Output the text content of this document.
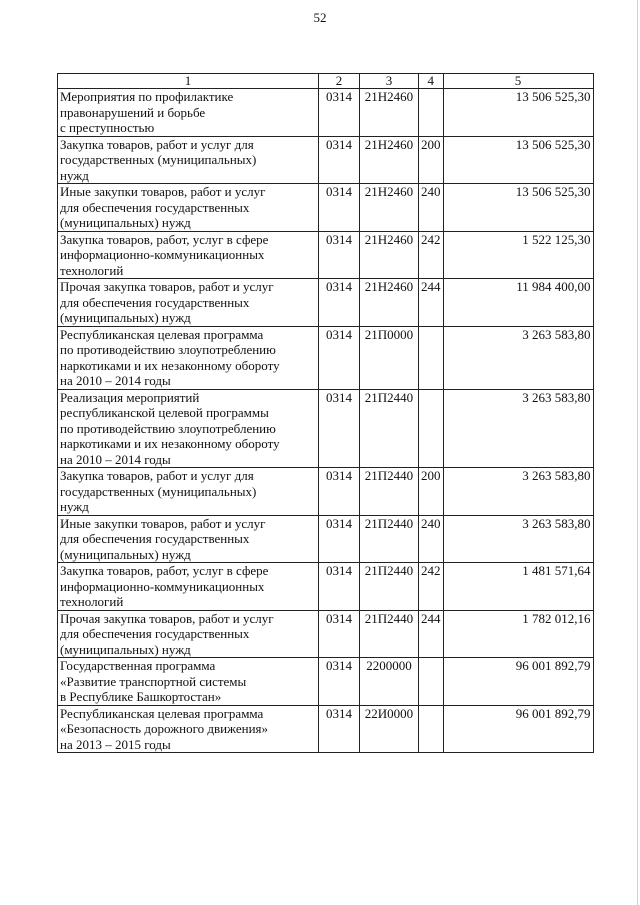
52
1	2	3	4	5

Мероприятия по профилактике
правонарушений и борьбе
с преступностью	0314	21Н2460		13 506 525,30

Закупка товаров, работ и услуг для
государственных (муниципальных)
нужд	0314	21Н2460	200	13 506 525,30

Иные закупки товаров, работ и услуг
для обеспечения государственных
(муниципальных) нужд	0314	21Н2460	240	13 506 525,30

Закупка товаров, работ, услуг в сфере
информационно-коммуникационных
технологий	0314	21Н2460	242	1 522 125,30

Прочая закупка товаров, работ и услуг
для обеспечения государственных
(муниципальных) нужд	0314	21Н2460	244	11 984 400,00

Республиканская целевая программа
по противодействию злоупотреблению
наркотиками и их незаконному обороту
на 2010 – 2014 годы	0314	21П0000		3 263 583,80

Реализация мероприятий
республиканской целевой программы
по противодействию злоупотреблению
наркотиками и их незаконному обороту
на 2010 – 2014 годы	0314	21П2440		3 263 583,80

Закупка товаров, работ и услуг для
государственных (муниципальных)
нужд	0314	21П2440	200	3 263 583,80

Иные закупки товаров, работ и услуг
для обеспечения государственных
(муниципальных) нужд	0314	21П2440	240	3 263 583,80

Закупка товаров, работ, услуг в сфере
информационно-коммуникационных
технологий	0314	21П2440	242	1 481 571,64

Прочая закупка товаров, работ и услуг
для обеспечения государственных
(муниципальных) нужд	0314	21П2440	244	1 782 012,16

Государственная программа
«Развитие транспортной системы
в Республике Башкортостан»	0314	2200000		96 001 892,79

Республиканская целевая программа
«Безопасность дорожного движения»
на 2013 – 2015 годы	0314	22И0000		96 001 892,79
